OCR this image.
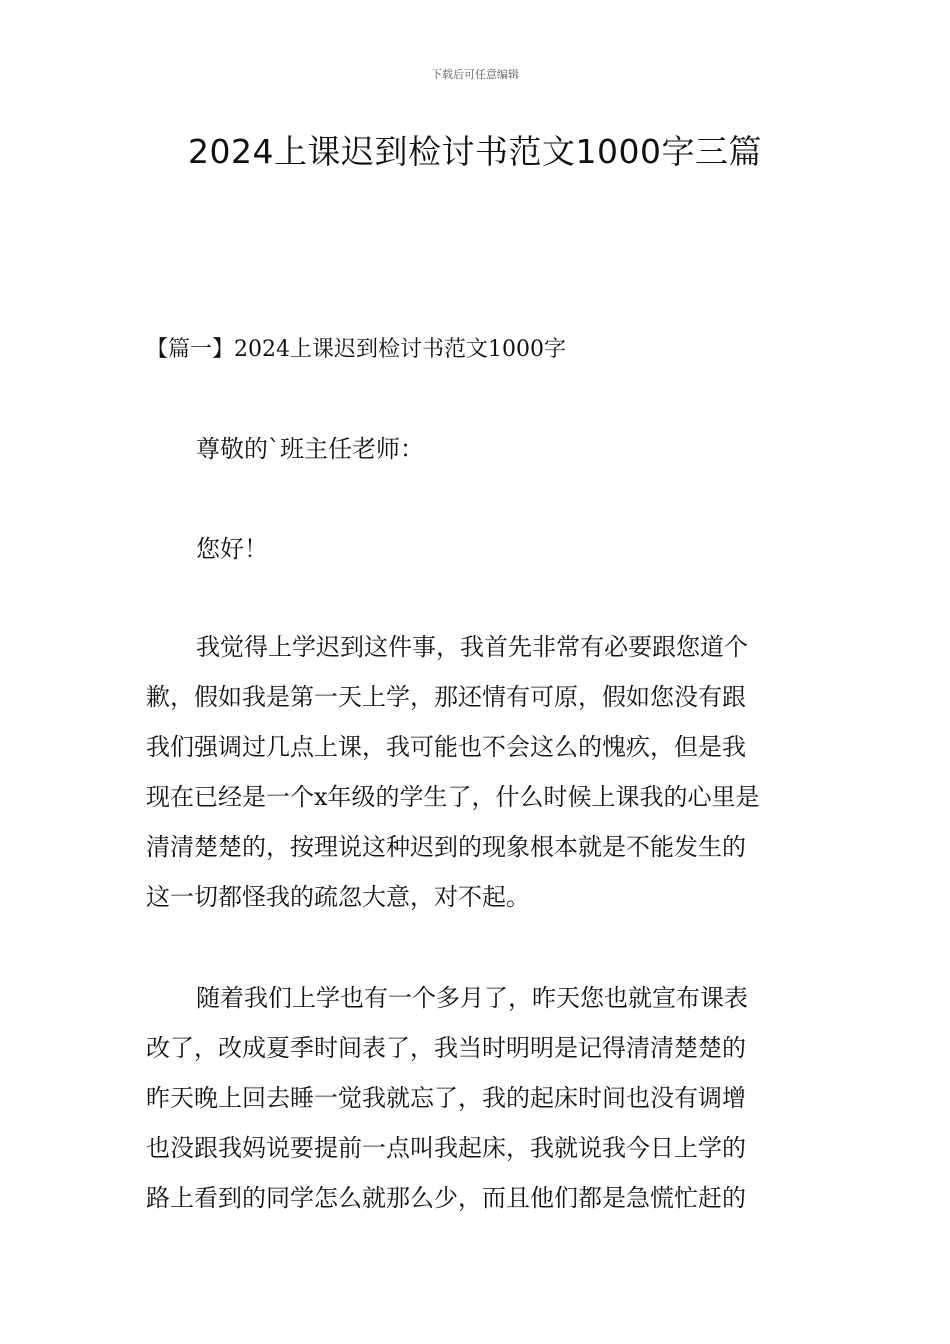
下载后可任意编辑
2024上课迟到检讨书范文1000字三篇
【篇一】2024上课迟到检讨书范文1000字
尊敬的`班主任老师：
您好！
我觉得上学迟到这件事，我首先非常有必要跟您道个
歉，假如我是第一天上学，那还情有可原，假如您没有跟
我们强调过几点上课，我可能也不会这么的愧疚，但是我
现在已经是一个x年级的学生了，什么时候上课我的心里是
清清楚楚的，按理说这种迟到的现象根本就是不能发生的
这一切都怪我的疏忽大意，对不起。
随着我们上学也有一个多月了，昨天您也就宣布课表
改了，改成夏季时间表了，我当时明明是记得清清楚楚的
昨天晚上回去睡一觉我就忘了，我的起床时间也没有调增
也没跟我妈说要提前一点叫我起床，我就说我今日上学的
路上看到的同学怎么就那么少，而且他们都是急慌忙赶的
